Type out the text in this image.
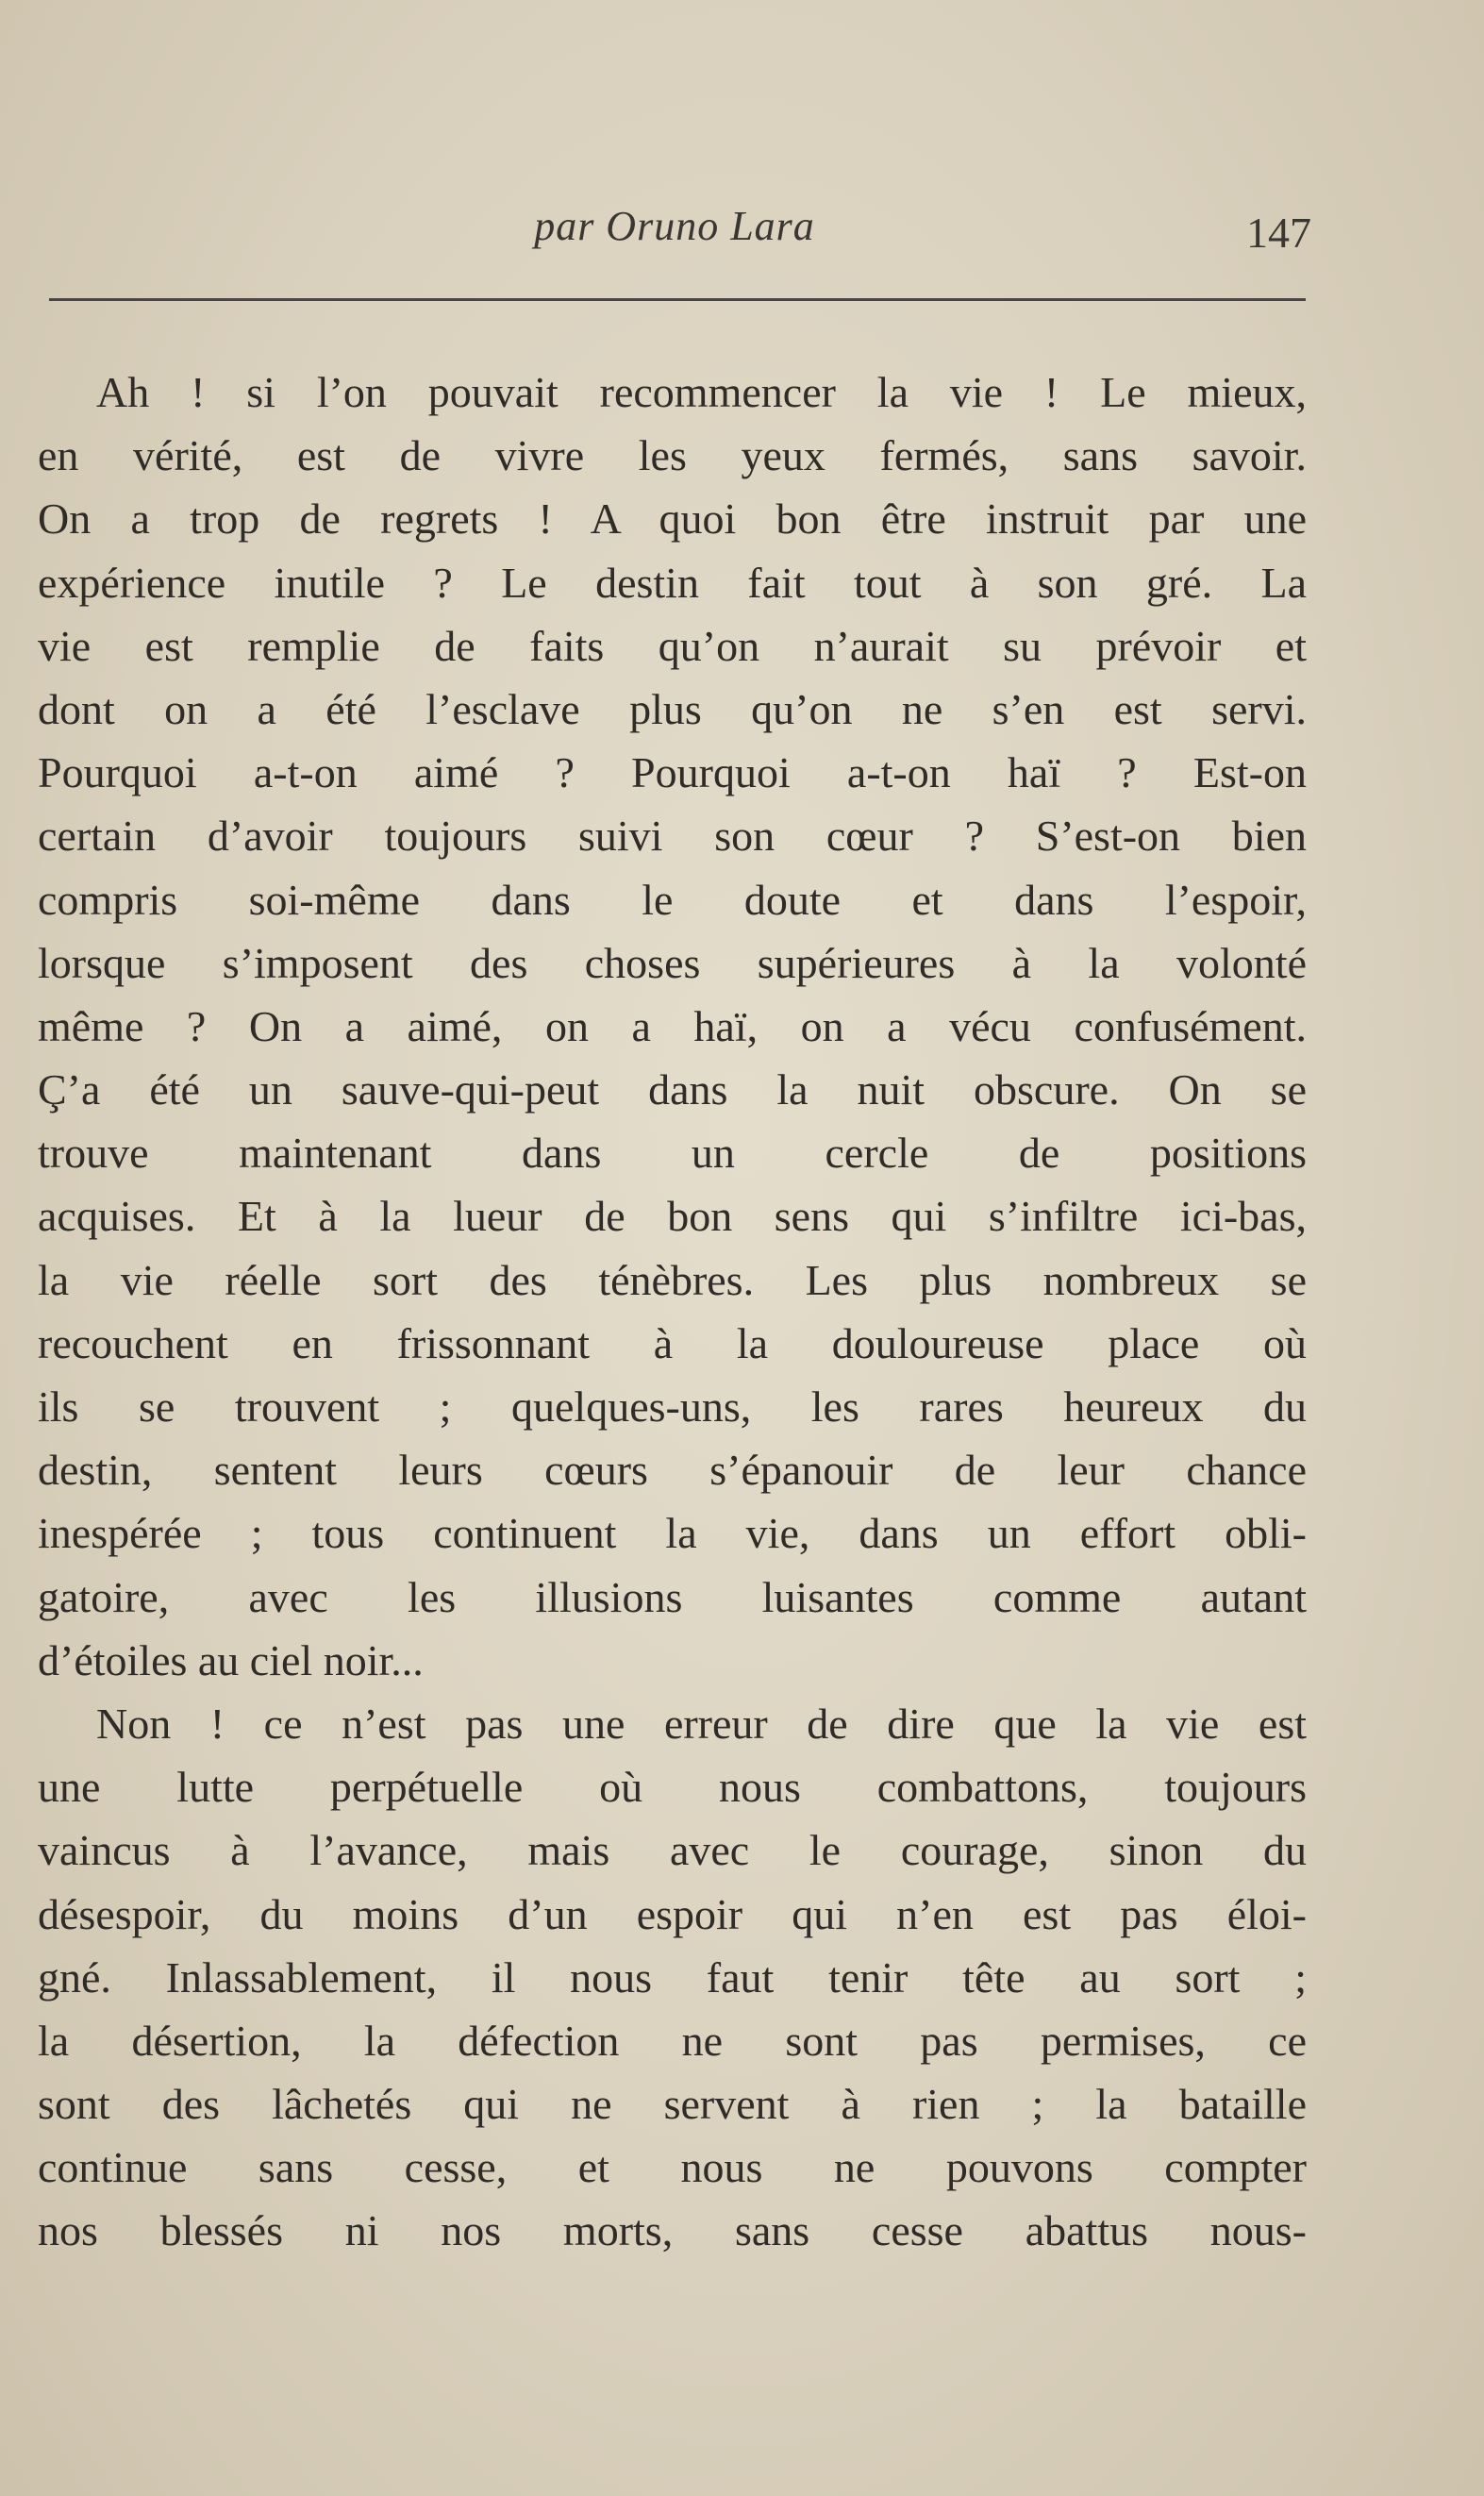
par Oruno Lara	147
Ah ! si l’on pouvait recommencer la vie ! Le mieux,
en vérité, est de vivre les yeux fermés, sans savoir.
On a trop de regrets ! A quoi bon être instruit par une
expérience inutile ? Le destin fait tout à son gré. La
vie est remplie de faits qu’on n’aurait su prévoir et
dont on a été l’esclave plus qu’on ne s’en est servi.
Pourquoi a-t-on aimé ? Pourquoi a-t-on haï ? Est-on
certain d’avoir toujours suivi son cœur ? S’est-on bien
compris soi-même dans le doute et dans l’espoir,
lorsque s’imposent des choses supérieures à la volonté
même ? On a aimé, on a haï, on a vécu confusément.
Ç’a été un sauve-qui-peut dans la nuit obscure. On se
trouve maintenant dans un cercle de positions
acquises. Et à la lueur de bon sens qui s’infiltre ici-bas,
la vie réelle sort des ténèbres. Les plus nombreux se
recouchent en frissonnant à la douloureuse place où
ils se trouvent ; quelques-uns, les rares heureux du
destin, sentent leurs cœurs s’épanouir de leur chance
inespérée ; tous continuent la vie, dans un effort obli-
gatoire, avec les illusions luisantes comme autant
d’étoiles au ciel noir...
Non ! ce n’est pas une erreur de dire que la vie est
une lutte perpétuelle où nous combattons, toujours
vaincus à l’avance, mais avec le courage, sinon du
désespoir, du moins d’un espoir qui n’en est pas éloi-
gné. Inlassablement, il nous faut tenir tête au sort ;
la désertion, la défection ne sont pas permises, ce
sont des lâchetés qui ne servent à rien ; la bataille
continue sans cesse, et nous ne pouvons compter
nos blessés ni nos morts, sans cesse abattus nous-
